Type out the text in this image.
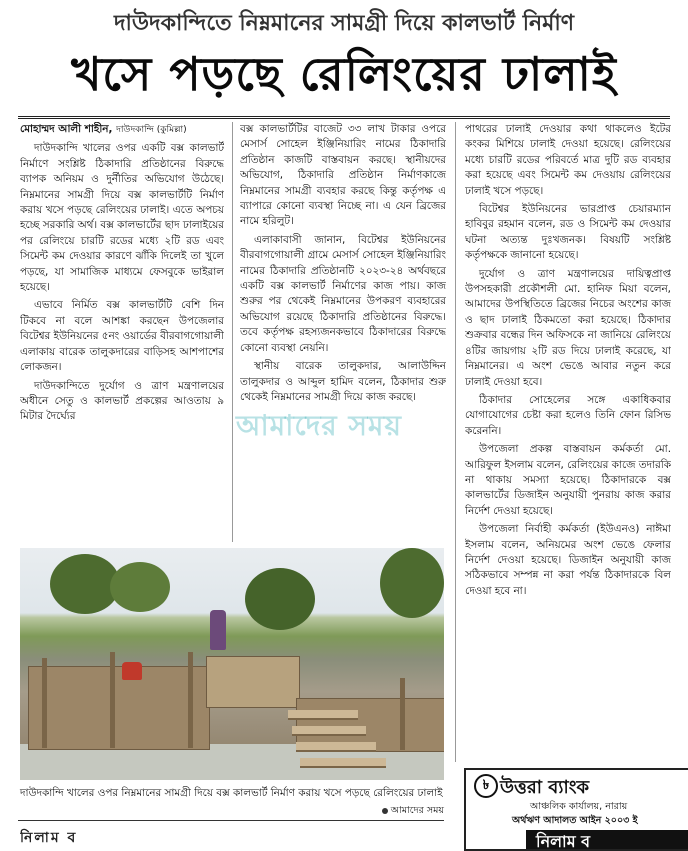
দাউদকান্দিতে নিম্নমানের সামগ্রী দিয়ে কালভার্ট নির্মাণ
খসে পড়ছে রেলিংয়ের ঢালাই

মোহাম্মদ আলী শাহীন, দাউদকান্দি (কুমিল্লা)

দাউদকান্দি খালের ওপর একটি বক্স কালভার্ট নির্মাণে সংশ্লিষ্ট ঠিকাদারি প্রতিষ্ঠানের বিরুদ্ধে ব্যাপক অনিয়ম ও দুর্নীতির অভিযোগ উঠেছে। নিম্নমানের সামগ্রী দিয়ে বক্স কালভার্টটি নির্মাণ করায় খসে পড়ছে রেলিংয়ের ঢালাই। এতে অপচয় হচ্ছে সরকারি অর্থ। বক্স কালভার্টের ছাদ ঢালাইয়ের পর রেলিংয়ে চারটি রডের মধ্যে ২টি রড এবং সিমেন্ট কম দেওয়ার কারণে ঝাঁকি দিলেই তা খুলে পড়ছে, যা সামাজিক মাধ্যমে ফেসবুকে ভাইরাল হয়েছে।

এভাবে নির্মিত বক্স কালভার্টটি বেশি দিন টিকবে না বলে আশঙ্কা করছেন উপজেলার বিটেশ্বর ইউনিয়নের ৫নং ওয়ার্ডের বীরবাগগোয়ালী এলাকায় বারেক তালুকদারের বাড়িসহ আশপাশের লোকজন।

দাউদকান্দিতে দুর্যোগ ও ত্রাণ মন্ত্রণালয়ের অধীনে সেতু ও কালভার্ট প্রকল্পের আওতায় ৯ মিটার দৈর্ঘ্যের

বক্স কালভার্টটির বাজেট ৩৩ লাখ টাকার ওপরে মেসার্স সোহেল ইঞ্জিনিয়ারিং নামের ঠিকাদারি প্রতিষ্ঠান কাজটি বাস্তবায়ন করছে। স্থানীয়দের অভিযোগ, ঠিকাদারি প্রতিষ্ঠান নির্মাণকাজে নিম্নমানের সামগ্রী ব্যবহার করছে কিন্তু কর্তৃপক্ষ এ ব্যাপারে কোনো ব্যবস্থা নিচ্ছে না। এ যেন ব্রিজের নামে হরিলুট।

এলাকাবাসী জানান, বিটেশ্বর ইউনিয়নের বীরবাগগোয়ালী গ্রামে মেসার্স সোহেল ইঞ্জিনিয়ারিং নামের ঠিকাদারি প্রতিষ্ঠানটি ২০২৩-২৪ অর্থবছরে একটি বক্স কালভার্ট নির্মাণের কাজ পায়। কাজ শুরুর পর থেকেই নিম্নমানের উপকরণ ব্যবহারের অভিযোগ রয়েছে ঠিকাদারি প্রতিষ্ঠানের বিরুদ্ধে। তবে কর্তৃপক্ষ রহস্যজনকভাবে ঠিকাদারের বিরুদ্ধে কোনো ব্যবস্থা নেয়নি।

স্থানীয় বারেক তালুকদার, আলাউদ্দিন তালুকদার ও আব্দুল হামিদ বলেন, ঠিকাদার শুরু থেকেই নিম্নমানের সামগ্রী দিয়ে কাজ করছে।

আমাদের সময়

পাথরের ঢালাই দেওয়ার কথা থাকলেও ইটের কংকর মিশিয়ে ঢালাই দেওয়া হয়েছে। রেলিংয়ের মধ্যে চারটি রডের পরিবর্তে মাত্র দুটি রড ব্যবহার করা হয়েছে এবং সিমেন্ট কম দেওয়ায় রেলিংয়ের ঢালাই খসে পড়ছে।

বিটেশ্বর ইউনিয়নের ভারপ্রাপ্ত চেয়ারম্যান হাবিবুর রহমান বলেন, রড ও সিমেন্ট কম দেওয়ার ঘটনা অত্যন্ত দুঃখজনক। বিষয়টি সংশ্লিষ্ট কর্তৃপক্ষকে জানানো হয়েছে।

দুর্যোগ ও ত্রাণ মন্ত্রণালয়ের দায়িত্বপ্রাপ্ত উপসহকারী প্রকৌশলী মো. হানিফ মিয়া বলেন, আমাদের উপস্থিতিতে ব্রিজের নিচের অংশের কাজ ও ছাদ ঢালাই ঠিকমতো করা হয়েছে। ঠিকাদার শুক্রবার বন্ধের দিন অফিসকে না জানিয়ে রেলিংয়ে ৪টির জায়গায় ২টি রড দিয়ে ঢালাই করেছে, যা নিম্নমানের। এ অংশ ভেঙে আবার নতুন করে ঢালাই দেওয়া হবে।

ঠিকাদার সোহেলের সঙ্গে একাধিকবার যোগাযোগের চেষ্টা করা হলেও তিনি ফোন রিসিভ করেননি।

উপজেলা প্রকল্প বাস্তবায়ন কর্মকর্তা মো. আরিফুল ইসলাম বলেন, রেলিংয়ের কাজে তদারকি না থাকায় সমস্যা হয়েছে। ঠিকাদারকে বক্স কালভার্টের ডিজাইন অনুযায়ী পুনরায় কাজ করার নির্দেশ দেওয়া হয়েছে।

উপজেলা নির্বাহী কর্মকর্তা (ইউএনও) নাঈমা ইসলাম বলেন, অনিয়মের অংশ ভেঙে ফেলার নির্দেশ দেওয়া হয়েছে। ডিজাইন অনুযায়ী কাজ সঠিকভাবে সম্পন্ন না করা পর্যন্ত ঠিকাদারকে বিল দেওয়া হবে না।

দাউদকান্দি খালের ওপর নিম্নমানের সামগ্রী দিয়ে বক্স কালভার্ট নির্মাণ করায় খসে পড়ছে রেলিংয়ের ঢালাই
আমাদের সময়
নিলাম ব
৳ উত্তরা ব্যাংক
আঞ্চলিক কার্যালয়, নারায়
অর্থঋণ আদালত আইন ২০০৩ ই
নিলাম ব
